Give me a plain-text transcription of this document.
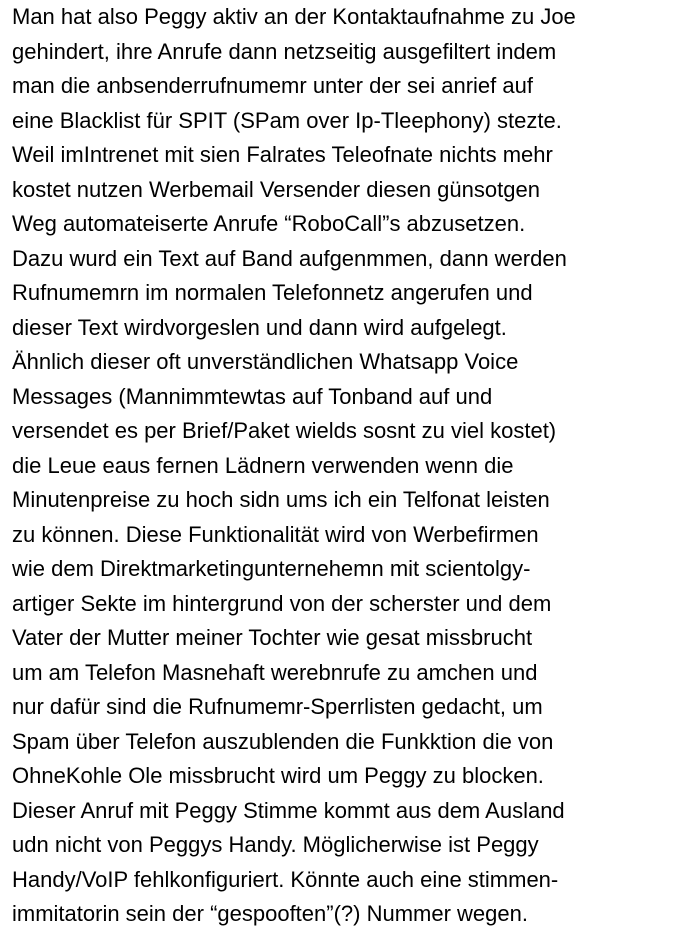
Man hat also Peggy aktiv an der Kontaktaufnahme zu Joe
gehindert, ihre Anrufe dann netzseitig ausgefiltert indem
man die anbsenderrufnumemr unter der sei anrief auf
eine Blacklist für SPIT (SPam over Ip-Tleephony) stezte.
Weil imIntrenet mit sien Falrates Teleofnate nichts mehr
kostet nutzen Werbemail Versender diesen günsotgen
Weg automateiserte Anrufe “RoboCall”s abzusetzen.
Dazu wurd ein Text auf Band aufgenmmen, dann werden
Rufnumemrn im normalen Telefonnetz angerufen und
dieser Text wirdvorgeslen und dann wird aufgelegt.
Ähnlich dieser oft unverständlichen Whatsapp Voice
Messages (Mannimmtewtas auf Tonband auf und
versendet es per Brief/Paket wields sosnt zu viel kostet)
die Leue eaus fernen Lädnern verwenden wenn die
Minutenpreise zu hoch sidn ums ich ein Telfonat leisten
zu können. Diese Funktionalität wird von Werbefirmen
wie dem Direktmarketingunternehemn mit scientolgy-
artiger Sekte im hintergrund von der scherster und dem
Vater der Mutter meiner Tochter wie gesat missbrucht
um am Telefon Masnehaft werebnrufe zu amchen und
nur dafür sind die Rufnumemr-Sperrlisten gedacht, um
Spam über Telefon auszublenden die Funkktion die von
OhneKohle Ole missbrucht wird um Peggy zu blocken.
Dieser Anruf mit Peggy Stimme kommt aus dem Ausland
udn nicht von Peggys Handy. Möglicherwise ist Peggy
Handy/VoIP fehlkonfiguriert. Könnte auch eine stimmen-
immitatorin sein der “gespooften”(?) Nummer wegen.
